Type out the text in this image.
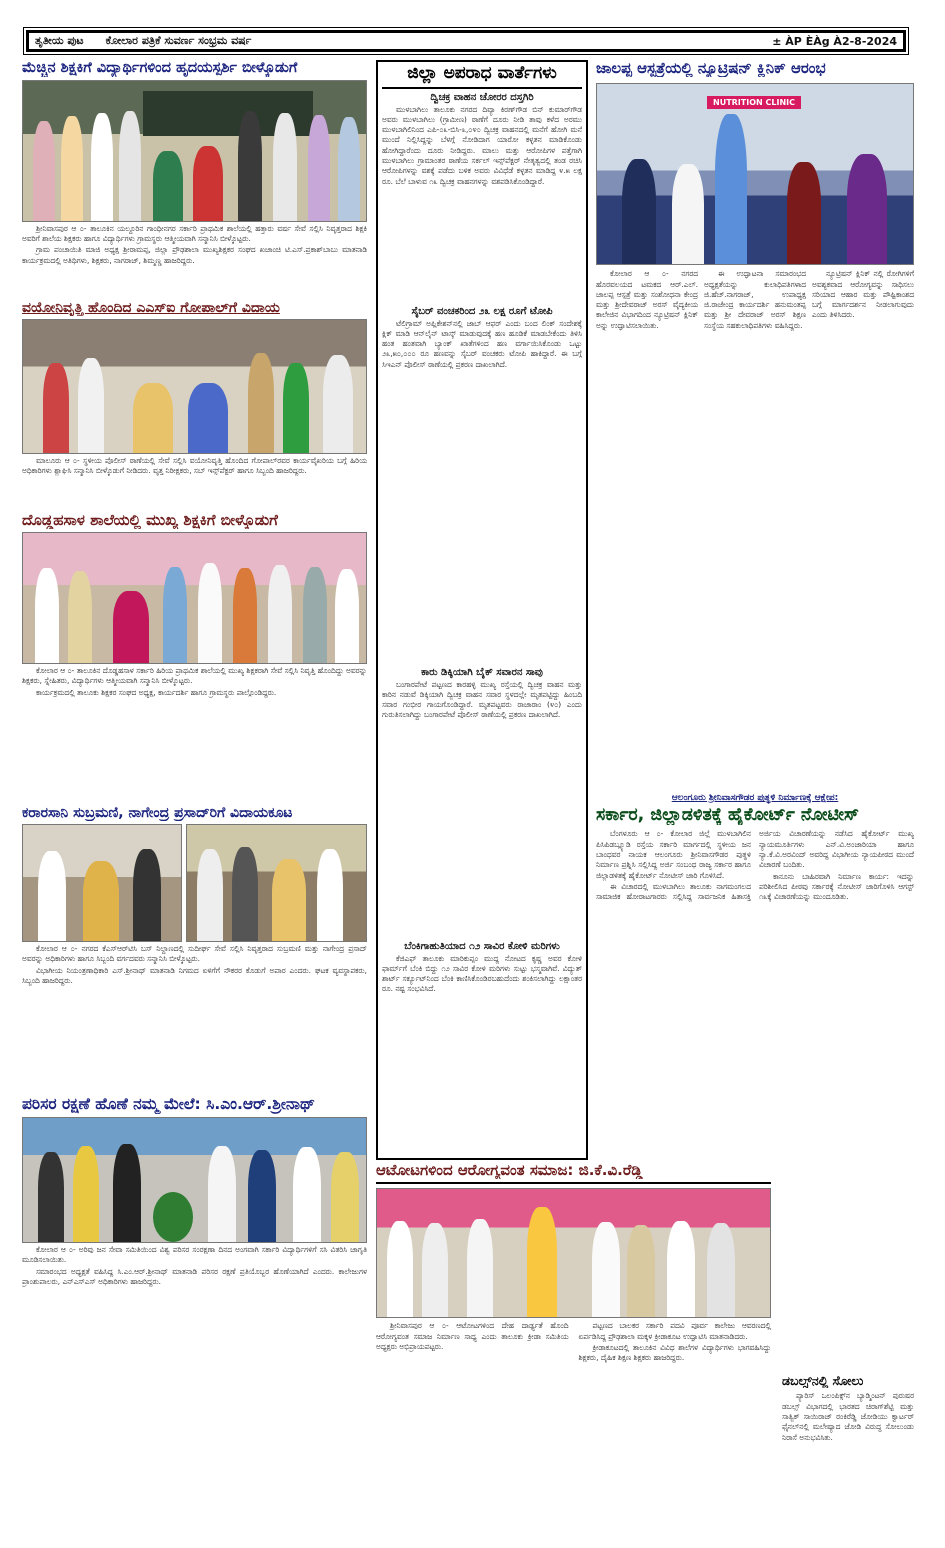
ತೃತೀಯ ಪುಟ ಕೋಲಾರ ಪತ್ರಿಕೆ ಸುವರ್ಣ ಸಂಭ್ರಮ ವರ್ಷ	± ÀP ÈÀg À2-8-2024
ಮೆಚ್ಚಿನ ಶಿಕ್ಷಕಿಗೆ ವಿದ್ಯಾರ್ಥಿಗಳಿಂದ ಹೃದಯಸ್ಪರ್ಶಿ ಬೀಳ್ಕೊಡುಗೆ

ಶ್ರೀನಿವಾಸಪುರ ಆ ೦- ತಾಲೂಕಿನ ಯಲ್ದೂರಿನ ಗಾಂಧೀನಗರ ಸರ್ಕಾರಿ ಪ್ರಾಥಮಿಕ ಶಾಲೆಯಲ್ಲಿ ಹತ್ತಾರು ವರ್ಷ ಸೇವೆ ಸಲ್ಲಿಸಿ ನಿವೃತ್ತರಾದ ಶಿಕ್ಷಕಿ ಅವರಿಗೆ ಶಾಲೆಯ ಶಿಕ್ಷಕರು ಹಾಗೂ ವಿದ್ಯಾರ್ಥಿಗಳು ಗ್ರಾಮಸ್ಥರು ಆತ್ಮೀಯವಾಗಿ ಸನ್ಮಾನಿಸಿ ಬೀಳ್ಕೊಟ್ಟರು.

ಗ್ರಾಮ ಪಂಚಾಯಿತಿ ಮಾಜಿ ಅಧ್ಯಕ್ಷ ಶ್ರೀರಾಮಪ್ಪ, ಜಿಲ್ಲಾ ಪ್ರೌಢಶಾಲಾ ಮುಖ್ಯಶಿಕ್ಷಕರ ಸಂಘದ ಖಜಾಂಚಿ ಟಿ.ಎಸ್.ಪ್ರಕಾಶ್‌ಬಾಬು ಮಾತನಾಡಿ ಕಾರ್ಯಕ್ರಮದಲ್ಲಿ ಅತಿಥಿಗಳು, ಶಿಕ್ಷಕರು, ನಾಗರಾಜ್, ಶಿಮ್ಮಣ್ಣ ಹಾಜರಿದ್ದರು.

ವಯೋನಿವೃತ್ತಿ ಹೊಂದಿದ ಎಎಸ್‌ಐ ಗೋಪಾಲ್‌ಗೆ ವಿದಾಯ

ಮಾಲೂರು ಆ ೦- ಸ್ಥಳೀಯ ಪೊಲೀಸ್ ಠಾಣೆಯಲ್ಲಿ ಸೇವೆ ಸಲ್ಲಿಸಿ ವಯೋನಿವೃತ್ತಿ ಹೊಂದಿದ ಗೋಪಾಲ್‌ರವರ ಕಾರ್ಯವೈಖರಿಯ ಬಗ್ಗೆ ಹಿರಿಯ ಅಧಿಕಾರಿಗಳು ಶ್ಲಾಘಿಸಿ ಸನ್ಮಾನಿಸಿ ಬೀಳ್ಕೊಡುಗೆ ನೀಡಿದರು. ವೃತ್ತ ನಿರೀಕ್ಷಕರು, ಸಬ್ ಇನ್ಸ್‌ಪೆಕ್ಟರ್ ಹಾಗೂ ಸಿಬ್ಬಂದಿ ಹಾಜರಿದ್ದರು.

ದೊಡ್ಡಹಸಾಳ ಶಾಲೆಯಲ್ಲಿ ಮುಖ್ಯ ಶಿಕ್ಷಕಿಗೆ ಬೀಳ್ಕೊಡುಗೆ

ಕೋಲಾರ ಆ ೦- ತಾಲೂಕಿನ ದೊಡ್ಡಹಸಾಳ ಸರ್ಕಾರಿ ಹಿರಿಯ ಪ್ರಾಥಮಿಕ ಶಾಲೆಯಲ್ಲಿ ಮುಖ್ಯ ಶಿಕ್ಷಕರಾಗಿ ಸೇವೆ ಸಲ್ಲಿಸಿ ನಿವೃತ್ತಿ ಹೊಂದಿದ್ದು ಅವರನ್ನು ಶಿಕ್ಷಕರು, ಸ್ನೇಹಿತರು, ವಿದ್ಯಾರ್ಥಿಗಳು ಆತ್ಮೀಯವಾಗಿ ಸನ್ಮಾನಿಸಿ ಬೀಳ್ಕೊಟ್ಟರು.

ಕಾರ್ಯಕ್ರಮದಲ್ಲಿ ತಾಲೂಕು ಶಿಕ್ಷಕರ ಸಂಘದ ಅಧ್ಯಕ್ಷ, ಕಾರ್ಯದರ್ಶಿ ಹಾಗೂ ಗ್ರಾಮಸ್ಥರು ಪಾಲ್ಗೊಂಡಿದ್ದರು.

ಕರಾರಸಾನಿ ಸುಬ್ರಮಣಿ, ನಾಗೇಂದ್ರ ಪ್ರಸಾದ್‌ರಿಗೆ ವಿದಾಯಕೂಟ

ಕೋಲಾರ ಆ ೦- ನಗರದ ಕೆಎಸ್‌ಆರ್‌ಟಿಸಿ ಬಸ್ ನಿಲ್ದಾಣದಲ್ಲಿ ಸುದೀರ್ಘ ಸೇವೆ ಸಲ್ಲಿಸಿ ನಿವೃತ್ತರಾದ ಸುಬ್ರಮಣಿ ಮತ್ತು ನಾಗೇಂದ್ರ ಪ್ರಸಾದ್ ಅವರನ್ನು ಅಧಿಕಾರಿಗಳು ಹಾಗೂ ಸಿಬ್ಬಂದಿ ವರ್ಗದವರು ಸನ್ಮಾನಿಸಿ ಬೀಳ್ಕೊಟ್ಟರು.

ವಿಭಾಗೀಯ ನಿಯಂತ್ರಣಾಧಿಕಾರಿ ಎಸ್.ಶ್ರೀನಾಥ್ ಮಾತನಾಡಿ ನಿಗಮದ ಏಳಿಗೆಗೆ ನೌಕರರ ಕೊಡುಗೆ ಅಪಾರ ಎಂದರು. ಘಟಕ ವ್ಯವಸ್ಥಾಪಕರು, ಸಿಬ್ಬಂದಿ ಹಾಜರಿದ್ದರು.

ಪರಿಸರ ರಕ್ಷಣೆ ಹೊಣೆ ನಮ್ಮ ಮೇಲೆ: ಸಿ.ಎಂ.ಆರ್.ಶ್ರೀನಾಥ್

ಕೋಲಾರ ಆ ೦- ಅರಿವು ಜನ ಸೇವಾ ಸಮಿತಿಯಿಂದ ವಿಶ್ವ ಪರಿಸರ ಸಂರಕ್ಷಣಾ ದಿನದ ಅಂಗವಾಗಿ ಸರ್ಕಾರಿ ವಿದ್ಯಾರ್ಥಿಗಳಿಗೆ ಸಸಿ ವಿತರಿಸಿ ಜಾಗೃತಿ ಮೂಡಿಸಲಾಯಿತು.

ಸಮಾರಂಭದ ಅಧ್ಯಕ್ಷತೆ ವಹಿಸಿದ್ದ ಸಿ.ಎಂ.ಆರ್.ಶ್ರೀನಾಥ್ ಮಾತನಾಡಿ ಪರಿಸರ ರಕ್ಷಣೆ ಪ್ರತಿಯೊಬ್ಬರ ಹೊಣೆಯಾಗಿದೆ ಎಂದರು. ಕಾಲೇಜುಗಳ ಪ್ರಾಂಶುಪಾಲರು, ಎನ್‌ಎಸ್‌ಎಸ್ ಅಧಿಕಾರಿಗಳು ಹಾಜರಿದ್ದರು.

ಜಿಲ್ಲಾ ಅಪರಾಧ ವಾರ್ತೆಗಳು
ದ್ವಿಚಕ್ರ ವಾಹನ ಚೋರರ ದಸ್ತಗಿರಿ
ಮುಳಬಾಗಿಲು ತಾಲೂಕು ನಗರದ ದಿವ್ಯಾ ಕಿರಣ್‌ಗೌಡ ಬಿನ್ ಕುಮಾರ್‌ಗೌಡ ಅವರು ಮುಳಬಾಗಿಲು (ಗ್ರಾಮೀಣ) ಠಾಣೆಗೆ ದೂರು ನೀಡಿ ತಾವು ಕಳೆದ ಅರಮು ಮುಳಬಾಗಿಲಿನಿಂದ ಎಪಿ-೦೩-ಬಿಸಿ-೩,೦೪೦ ದ್ವಿಚಕ್ರ ವಾಹನದಲ್ಲಿ ಮನೆಗೆ ಹೋಗಿ ಮನೆ ಮುಂದೆ ನಿಲ್ಲಿಸಿದ್ದನ್ನು ಬೆಳಗ್ಗೆ ನೋಡಿದಾಗ ಯಾರೋ ಕಳ್ಳತನ ಮಾಡಿಕೊಂಡು ಹೋಗಿದ್ದಾರೆಂದು ದೂರು ನೀಡಿದ್ದರು. ಮಾಲು ಮತ್ತು ಆರೋಪಿಗಳ ಪತ್ತೆಗಾಗಿ ಮುಳಬಾಗಿಲು ಗ್ರಾಮಾಂತರ ಠಾಣೆಯ ಸರ್ಕಲ್ ಇನ್ಸ್‌ಪೆಕ್ಟರ್ ನೇತೃತ್ವದಲ್ಲಿ ತಂಡ ರಚಿಸಿ ಆರೋಪಿಗಳನ್ನು ವಶಕ್ಕೆ ಪಡೆದು ಬಳಿಕ ಅವರು ವಿವಿಧೆಡೆ ಕಳ್ಳತನ ಮಾಡಿದ್ದ ೪.೫ ಲಕ್ಷ ರೂ. ಬೆಲೆ ಬಾಳುವ ೧೩ ದ್ವಿಚಕ್ರ ವಾಹನಗಳನ್ನು ವಶಪಡಿಸಿಕೊಂಡಿದ್ದಾರೆ.
ಸೈಬರ್ ವಂಚಕರಿಂದ ೨೩ ಲಕ್ಷ ರೂಗೆ ಟೋಪಿ
ಟೆಲಿಗ್ರಾಮ್ ಅಪ್ಲಿಕೇಶನ್‌ನಲ್ಲಿ ಜಾಬ್ ಆಫರ್ ಎಂದು ಬಂದ ಲಿಂಕ್ ಸಂದೇಶಕ್ಕೆ ಕ್ಲಿಕ್ ಮಾಡಿ ಆನ್‌ಲೈನ್ ಟಾಸ್ಕ್ ಮಾಡುವುದಕ್ಕೆ ಹಣ ಹೂಡಿಕೆ ಮಾಡಬೇಕೆಂದು ತಿಳಿಸಿ ಹಂತ ಹಂತವಾಗಿ ಬ್ಯಾಂಕ್ ಖಾತೆಗಳಿಂದ ಹಣ ವರ್ಗಾಯಿಸಿಕೊಂಡು ಒಟ್ಟು ೨೩,೫೦,೦೦೦ ರೂ ಹಣವನ್ನು ಸೈಬರ್ ವಂಚಕರು ಟೋಪಿ ಹಾಕಿದ್ದಾರೆ. ಈ ಬಗ್ಗೆ ಸಿಇಎನ್ ಪೊಲೀಸ್ ಠಾಣೆಯಲ್ಲಿ ಪ್ರಕರಣ ದಾಖಲಾಗಿದೆ.
ಕಾರು ಡಿಕ್ಕಿಯಾಗಿ ಬೈಕ್ ಸವಾರನ ಸಾವು
ಬಂಗಾರಪೇಟೆ ಪಟ್ಟಣದ ಕಾರಹಳ್ಳಿ ಮುಖ್ಯ ರಸ್ತೆಯಲ್ಲಿ ದ್ವಿಚಕ್ರ ವಾಹನ ಮತ್ತು ಕಾರಿನ ನಡುವೆ ಡಿಕ್ಕಿಯಾಗಿ ದ್ವಿಚಕ್ರ ವಾಹನ ಸವಾರ ಸ್ಥಳದಲ್ಲೇ ಮೃತಪಟ್ಟಿದ್ದು ಹಿಂಬದಿ ಸವಾರ ಗಂಭೀರ ಗಾಯಗೊಂಡಿದ್ದಾರೆ. ಮೃತಪಟ್ಟವರು ರಾಜಾರಾಂ (೪೦) ಎಂದು ಗುರುತಿಸಲಾಗಿದ್ದು ಬಂಗಾರಪೇಟೆ ಪೊಲೀಸ್ ಠಾಣೆಯಲ್ಲಿ ಪ್ರಕರಣ ದಾಖಲಾಗಿದೆ.
ಬೆಂಕಿಗಾಹುತಿಯಾದ ೧೨ ಸಾವಿರ ಕೋಳಿ ಮರಿಗಳು
ಕೆಜಿಎಫ್ ತಾಲೂಕು ಮಾರಿಕುಪ್ಪಂ ಮುದ್ದ ನೋಟದ ಕೃಷ್ಣ ಅವರ ಕೋಳಿ ಫಾರ್ಮ್‌ಗೆ ಬೆಂಕಿ ಬಿದ್ದು ೧೨ ಸಾವಿರ ಕೋಳಿ ಮರಿಗಳು ಸುಟ್ಟು ಭಸ್ಮವಾಗಿವೆ. ವಿದ್ಯುತ್ ಶಾರ್ಟ್ ಸರ್ಕ್ಯೂಟ್‌ನಿಂದ ಬೆಂಕಿ ಕಾಣಿಸಿಕೊಂಡಿರಬಹುದೆಂದು ಶಂಕಿಸಲಾಗಿದ್ದು ಲಕ್ಷಾಂತರ ರೂ. ನಷ್ಟ ಸಂಭವಿಸಿದೆ.
ಆಟೋಟಗಳಿಂದ ಆರೋಗ್ಯವಂತ ಸಮಾಜ: ಜಿ.ಕೆ.ವಿ.ರೆಡ್ಡಿ

ಶ್ರೀನಿವಾಸಪುರ ಆ ೦- ಆಟೋಟಗಳಿಂದ ದೇಹ ದಾರ್ಢ್ಯತೆ ಹೊಂದಿ ಆರೋಗ್ಯವಂತ ಸಮಾಜ ನಿರ್ಮಾಣ ಸಾಧ್ಯ ಎಂದು ತಾಲೂಕು ಕ್ರೀಡಾ ಸಮಿತಿಯ ಅಧ್ಯಕ್ಷರು ಅಭಿಪ್ರಾಯಪಟ್ಟರು.

ಪಟ್ಟಣದ ಬಾಲಕರ ಸರ್ಕಾರಿ ಪದವಿ ಪೂರ್ವ ಕಾಲೇಜು ಆವರಣದಲ್ಲಿ ಏರ್ಪಡಿಸಿದ್ದ ಪ್ರೌಢಶಾಲಾ ಮಕ್ಕಳ ಕ್ರೀಡಾಕೂಟ ಉದ್ಘಾಟಿಸಿ ಮಾತನಾಡಿದರು.

ಕ್ರೀಡಾಕೂಟದಲ್ಲಿ ತಾಲೂಕಿನ ವಿವಿಧ ಶಾಲೆಗಳ ವಿದ್ಯಾರ್ಥಿಗಳು ಭಾಗವಹಿಸಿದ್ದು ಶಿಕ್ಷಕರು, ದೈಹಿಕ ಶಿಕ್ಷಣ ಶಿಕ್ಷಕರು ಹಾಜರಿದ್ದರು.

ಜಾಲಪ್ಪ ಆಸ್ಪತ್ರೆಯಲ್ಲಿ ನ್ಯೂಟ್ರಿಷನ್ ಕ್ಲಿನಿಕ್ ಆರಂಭ
NUTRITION CLINIC

ಕೋಲಾರ ಆ ೦- ನಗರದ ಹೊರವಲಯದ ಟಮಕದ ಆರ್.ಎಲ್. ಜಾಲಪ್ಪ ಆಸ್ಪತ್ರೆ ಮತ್ತು ಸಂಶೋಧನಾ ಕೇಂದ್ರ ಮತ್ತು ಶ್ರೀದೇವರಾಜ್ ಅರಸ್ ವೈದ್ಯಕೀಯ ಕಾಲೇಜಿನ ವಿಭಾಗದಿಂದ ನ್ಯೂಟ್ರಿಷನ್ ಕ್ಲಿನಿಕ್ ಅನ್ನು ಉದ್ಘಾಟಿಸಲಾಯಿತು.

ಈ ಉದ್ಘಾಟನಾ ಸಮಾರಂಭದ ಅಧ್ಯಕ್ಷತೆಯನ್ನು ಕುಲಾಧಿಪತಿಗಳಾದ ಜಿ.ಹೆಚ್.ನಾಗರಾಜ್, ಉಪಾಧ್ಯಕ್ಷ ಜಿ.ರಾಜೇಂದ್ರ ಕಾರ್ಯದರ್ಶಿ ಹನುಮಂತಪ್ಪ ಮತ್ತು ಶ್ರೀ ದೇವರಾಜ್ ಅರಸ್ ಶಿಕ್ಷಣ ಸಂಸ್ಥೆಯ ಸಹಕುಲಾಧಿಪತಿಗಳು ವಹಿಸಿದ್ದರು.

ನ್ಯೂಟ್ರಿಷನ್ ಕ್ಲಿನಿಕ್ ನಲ್ಲಿ ರೋಗಿಗಳಿಗೆ ಅವಶ್ಯಕವಾದ ಆರೋಗ್ಯವನ್ನು ಸಾಧಿಸಲು ಸರಿಯಾದ ಆಹಾರ ಮತ್ತು ಪೌಷ್ಟಿಕಾಂಶದ ಬಗ್ಗೆ ಮಾರ್ಗದರ್ಶನ ನೀಡಲಾಗುವುದು ಎಂದು ತಿಳಿಸಿದರು.

ಆಲಂಗೂರು ಶ್ರೀನಿವಾಸಗೌಡರ ಪುತ್ಥಳಿ ನಿರ್ಮಾಣಕ್ಕೆ ಆಕ್ಷೇಪ:
ಸರ್ಕಾರ, ಜಿಲ್ಲಾಡಳಿತಕ್ಕೆ ಹೈಕೋರ್ಟ್ ನೋಟೀಸ್

ಬೆಂಗಳೂರು ಆ ೦- ಕೋಲಾರ ಜಿಲ್ಲೆ ಮುಳಬಾಗಿಲಿನ ಪಿಸಿಪಿಡಬ್ಲ್ಯೂಡಿ ರಸ್ತೆಯ ಸರ್ಕಾರಿ ಮಾರ್ಗದಲ್ಲಿ ಸ್ಥಳೀಯ ಜನ ಬಾಂಧವರ ನಾಯಕ ಆಲಂಗೂರು ಶ್ರೀನಿವಾಸಗೌಡರ ಪುತ್ಥಳಿ ನಿರ್ಮಾಣ ಪ್ರಶ್ನಿಸಿ ಸಲ್ಲಿಸಿದ್ದ ಅರ್ಜಿ ಸಂಬಂಧ ರಾಜ್ಯ ಸರ್ಕಾರ ಹಾಗೂ ಜಿಲ್ಲಾಡಳಿತಕ್ಕೆ ಹೈಕೋರ್ಟ್ ನೋಟೀಸ್ ಜಾರಿ ಗೊಳಿಸಿದೆ.

ಈ ವಿಚಾರದಲ್ಲಿ ಮುಳಬಾಗಿಲು ತಾಲೂಕು ನಾಗಮಂಗಲದ ಸಾಮಾಜಿಕ ಹೋರಾಟಗಾರರು ಸಲ್ಲಿಸಿದ್ದ ಸಾರ್ವಜನಿಕ ಹಿತಾಸಕ್ತಿ ಅರ್ಜಿಯ ವಿಚಾರಣೆಯನ್ನು ನಡೆಸಿದ ಹೈಕೋರ್ಟ್ ಮುಖ್ಯ ನ್ಯಾಯಮೂರ್ತಿಗಳು ಎನ್.ವಿ.ಅಂಜಾರಿಯಾ ಹಾಗೂ ನ್ಯಾ.ಕೆ.ವಿ.ಅರವಿಂದ್ ಅವರಿದ್ದ ವಿಭಾಗೀಯ ನ್ಯಾಯಪೀಠದ ಮುಂದೆ ವಿಚಾರಣೆ ಬಂದಿತು.

ಕಾನೂನು ಬಾಹಿರವಾಗಿ ನಿರ್ಮಾಣ ಕಾರ್ಯ: ಇದನ್ನು ಪರಿಶೀಲಿಸಿದ ಪೀಠವು ಸರ್ಕಾರಕ್ಕೆ ನೋಟೀಸ್ ಜಾರಿಗೊಳಿಸಿ ಆಗಸ್ಟ್ ೧೩ಕ್ಕೆ ವಿಚಾರಣೆಯನ್ನು ಮುಂದೂಡಿತು.

ಡಬಲ್ಸ್‌ನಲ್ಲಿ ಸೋಲು

ಪ್ಯಾರಿಸ್ ಒಲಂಪಿಕ್ಸ್‌ನ ಬ್ಯಾಡ್ಮಿಂಟನ್ ಪುರುಷರ ಡಬಲ್ಸ್ ವಿಭಾಗದಲ್ಲಿ ಭಾರತದ ಚಿರಾಗ್‌ಶೆಟ್ಟಿ ಮತ್ತು ಸಾತ್ವಿಕ್ ಸಾಯಿರಾಜ್ ರಂಕಿರೆಡ್ಡಿ ಜೋಡಿಯು ಕ್ವಾರ್ಟರ್ ಫೈನಲ್‌ನಲ್ಲಿ ಮಲೇಷ್ಯಾದ ಜೋಡಿ ವಿರುದ್ಧ ಸೋಲುಂಡು ನಿರಾಸೆ ಅನುಭವಿಸಿತು.
